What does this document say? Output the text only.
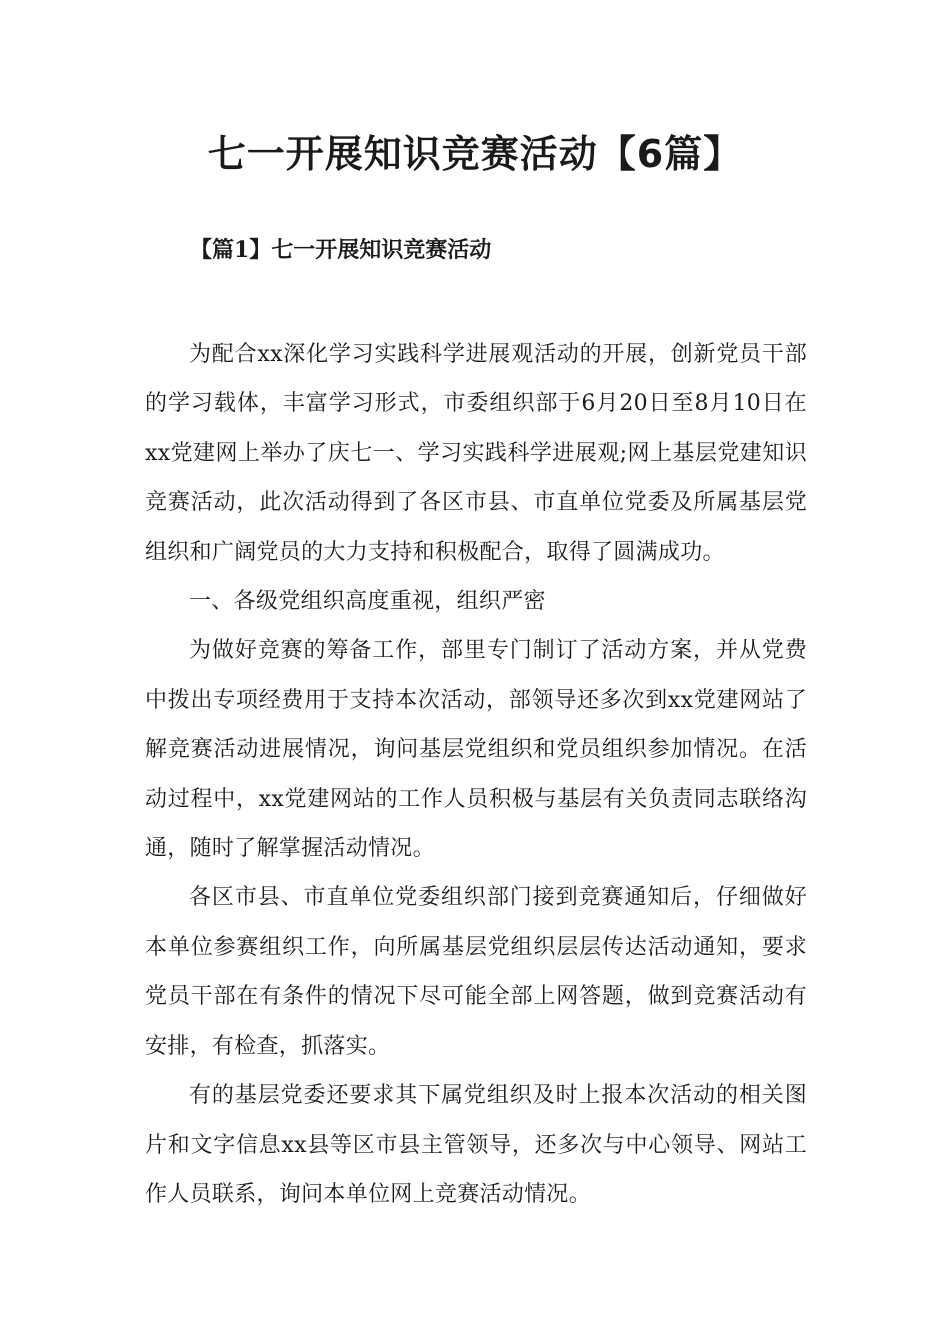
七一开展知识竞赛活动【6篇】
【篇1】七一开展知识竞赛活动

为配合xx深化学习实践科学进展观活动的开展，创新党员干部的学习载体，丰富学习形式，市委组织部于6月20日至8月10日在xx党建网上举办了庆七一、学习实践科学进展观;网上基层党建知识竞赛活动，此次活动得到了各区市县、市直单位党委及所属基层党组织和广阔党员的大力支持和积极配合，取得了圆满成功。

一、各级党组织高度重视，组织严密

为做好竞赛的筹备工作，部里专门制订了活动方案，并从党费中拨出专项经费用于支持本次活动，部领导还多次到xx党建网站了解竞赛活动进展情况，询问基层党组织和党员组织参加情况。在活动过程中，xx党建网站的工作人员积极与基层有关负责同志联络沟通，随时了解掌握活动情况。

各区市县、市直单位党委组织部门接到竞赛通知后，仔细做好本单位参赛组织工作，向所属基层党组织层层传达活动通知，要求党员干部在有条件的情况下尽可能全部上网答题，做到竞赛活动有安排，有检查，抓落实。

有的基层党委还要求其下属党组织及时上报本次活动的相关图片和文字信息xx县等区市县主管领导，还多次与中心领导、网站工作人员联系，询问本单位网上竞赛活动情况。
